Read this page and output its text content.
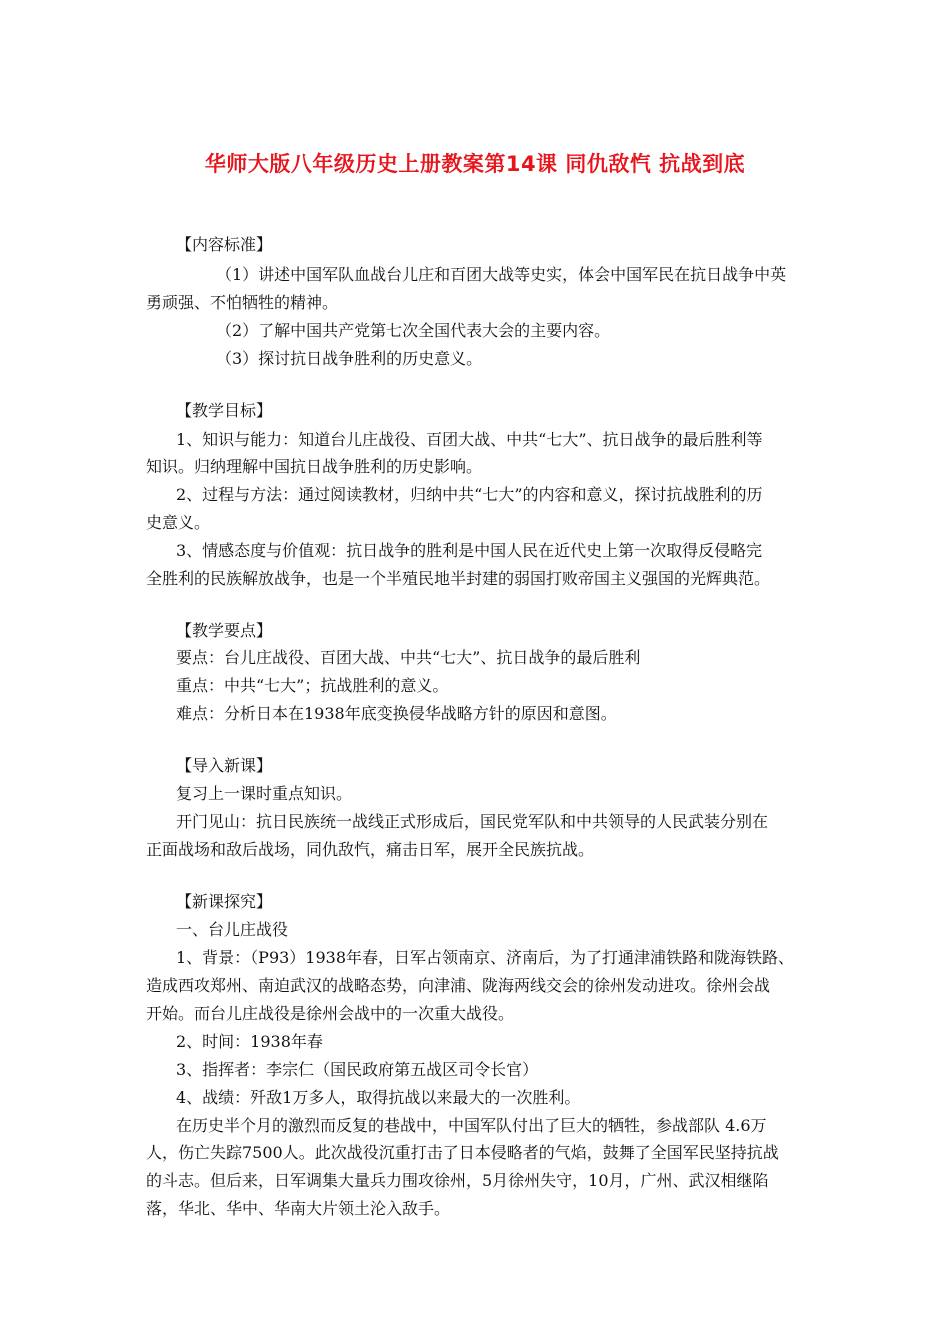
华师大版八年级历史上册教案第14课 同仇敌忾 抗战到底
【内容标准】
（1）讲述中国军队血战台儿庄和百团大战等史实，体会中国军民在抗日战争中英
勇顽强、不怕牺牲的精神。
（2）了解中国共产党第七次全国代表大会的主要内容。
（3）探讨抗日战争胜利的历史意义。
【教学目标】
1、知识与能力：知道台儿庄战役、百团大战、中共“七大”、抗日战争的最后胜利等
知识。归纳理解中国抗日战争胜利的历史影响。
2、过程与方法：通过阅读教材，归纳中共“七大”的内容和意义，探讨抗战胜利的历
史意义。
3、情感态度与价值观：抗日战争的胜利是中国人民在近代史上第一次取得反侵略完
全胜利的民族解放战争，也是一个半殖民地半封建的弱国打败帝国主义强国的光辉典范。
【教学要点】
要点：台儿庄战役、百团大战、中共“七大”、抗日战争的最后胜利
重点：中共“七大”；抗战胜利的意义。
难点：分析日本在1938年底变换侵华战略方针的原因和意图。
【导入新课】
复习上一课时重点知识。
开门见山：抗日民族统一战线正式形成后，国民党军队和中共领导的人民武装分别在
正面战场和敌后战场，同仇敌忾，痛击日军，展开全民族抗战。
【新课探究】
一、台儿庄战役
1、背景：（P93）1938年春，日军占领南京、济南后，为了打通津浦铁路和陇海铁路、
造成西攻郑州、南迫武汉的战略态势，向津浦、陇海两线交会的徐州发动进攻。徐州会战
开始。而台儿庄战役是徐州会战中的一次重大战役。
2、时间：1938年春
3、指挥者：李宗仁（国民政府第五战区司令长官）
4、战绩：歼敌1万多人，取得抗战以来最大的一次胜利。
在历史半个月的激烈而反复的巷战中，中国军队付出了巨大的牺牲，参战部队 4.6万
人，伤亡失踪7500人。此次战役沉重打击了日本侵略者的气焰，鼓舞了全国军民坚持抗战
的斗志。但后来，日军调集大量兵力围攻徐州，5月徐州失守，10月，广州、武汉相继陷
落，华北、华中、华南大片领土沦入敌手。
